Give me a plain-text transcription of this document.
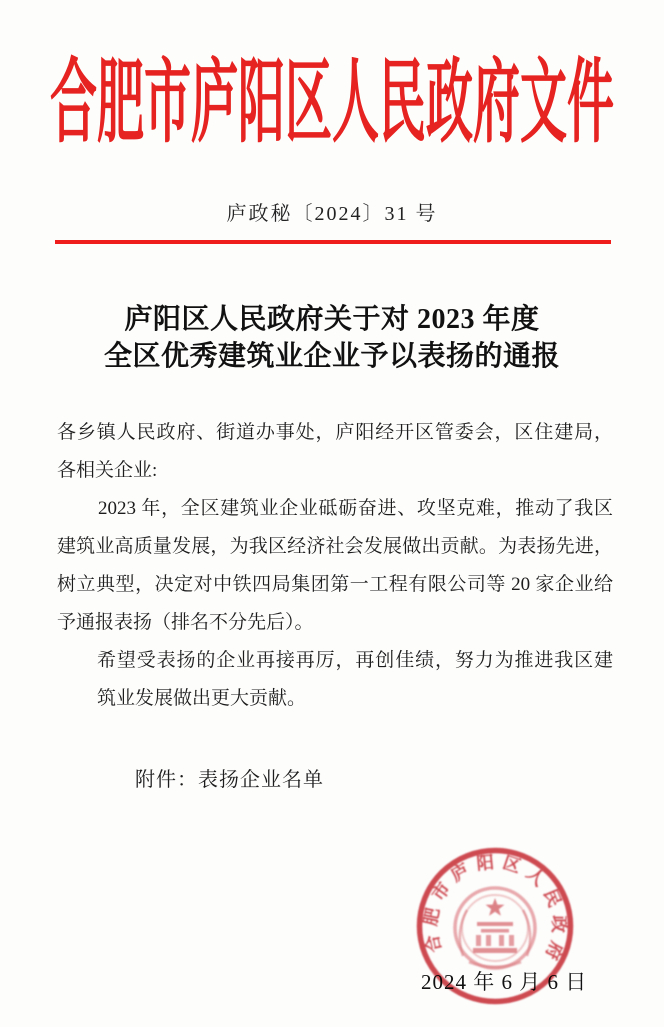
合肥市庐阳区人民政府文件
庐政秘〔2024〕31 号
庐阳区人民政府关于对 2023 年度
全区优秀建筑业企业予以表扬的通报
各乡镇人民政府、街道办事处，庐阳经开区管委会，区住建局，
各相关企业:
2023 年，全区建筑业企业砥砺奋进、攻坚克难，推动了我区
建筑业高质量发展，为我区经济社会发展做出贡献。为表扬先进，
树立典型，决定对中铁四局集团第一工程有限公司等 20 家企业给
予通报表扬（排名不分先后）。
希望受表扬的企业再接再厉，再创佳绩，努力为推进我区建
筑业发展做出更大贡献。
附件：表扬企业名单
2024 年 6 月 6 日
合肥市庐阳区人民政府
